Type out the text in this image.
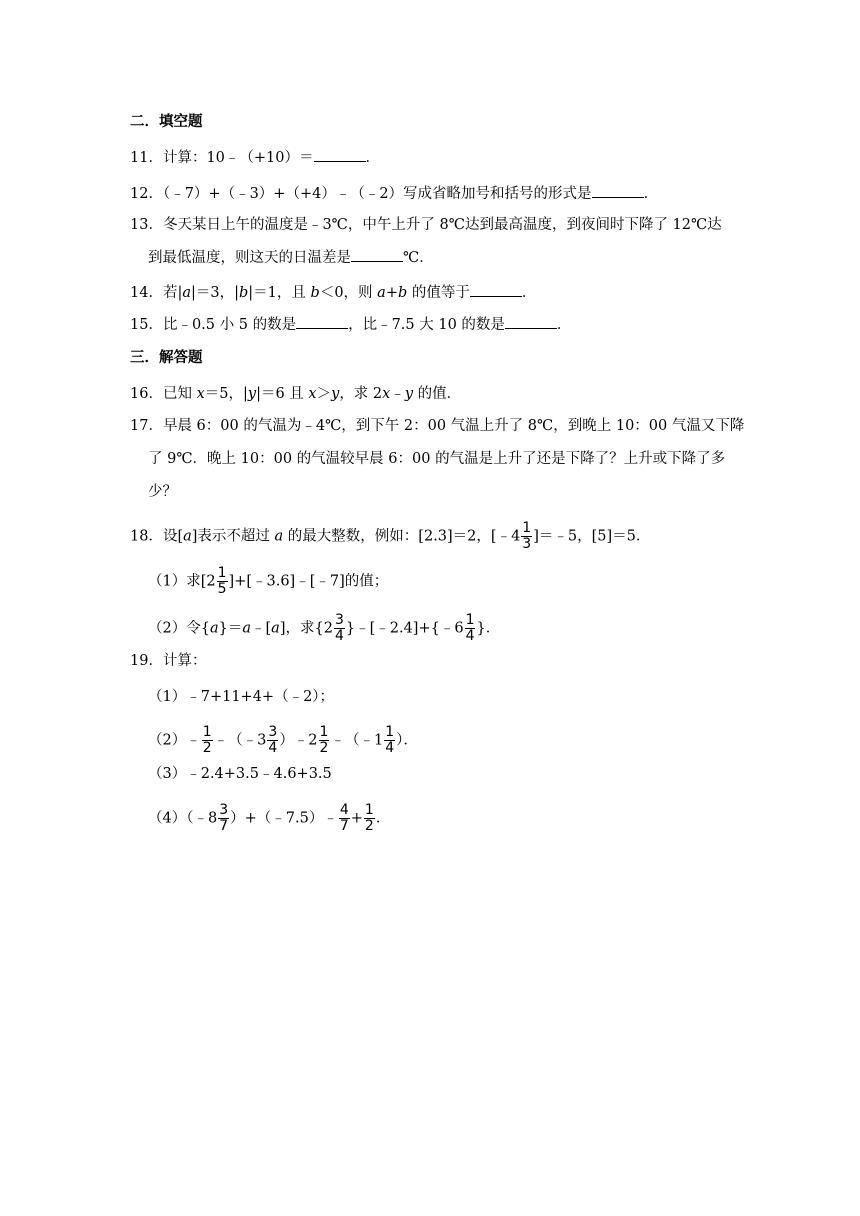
二．填空题
11．计算：10﹣（+10）＝	．
12．（﹣7）+（﹣3）+（+4）﹣（﹣2）写成省略加号和括号的形式是	．
13．冬天某日上午的温度是﹣3℃，中午上升了 8℃达到最高温度，到夜间时下降了 12℃达
到最低温度，则这天的日温差是	℃．
14．若|a|＝3，|b|＝1，且 b＜0，则 a+b 的值等于	．
15．比﹣0.5 小 5 的数是	，比﹣7.5 大 10 的数是	．
三．解答题
16．已知 x＝5，|y|＝6 且 x＞y，求 2x﹣y 的值．
17．早晨 6：00 的气温为﹣4℃，到下午 2：00 气温上升了 8℃，到晚上 10：00 气温又下降
了 9℃．晚上 10：00 的气温较早晨 6：00 的气温是上升了还是下降了？上升或下降了多
少？
18．设[a]表示不超过 a 的最大整数，例如：[2.3]＝2，[﹣4 $\frac{1}{3}$ ]＝﹣5，[5]＝5．
（1）求[$2 \frac{1}{5}$ ]+[﹣3.6]﹣[﹣7]的值；
（2）令{a}＝a﹣[a]，求{$2 \frac{3}{4}$ }﹣[﹣2.4]+{﹣6 $\frac{1}{4}$ }．
19．计算：
（1）﹣7+11+4+（﹣2）；
（2）﹣ $\frac{1}{2}$ ﹣（﹣3 $\frac{3}{4}$ ）﹣2 $\frac{1}{2}$ ﹣（﹣1 $\frac{1}{4}$ ）．
（3）﹣2.4+3.5﹣4.6+3.5
（4）（﹣8 $\frac{3}{7}$ ）+（﹣7.5）﹣ $\frac{4}{7} + \frac{1}{2}$ ．
